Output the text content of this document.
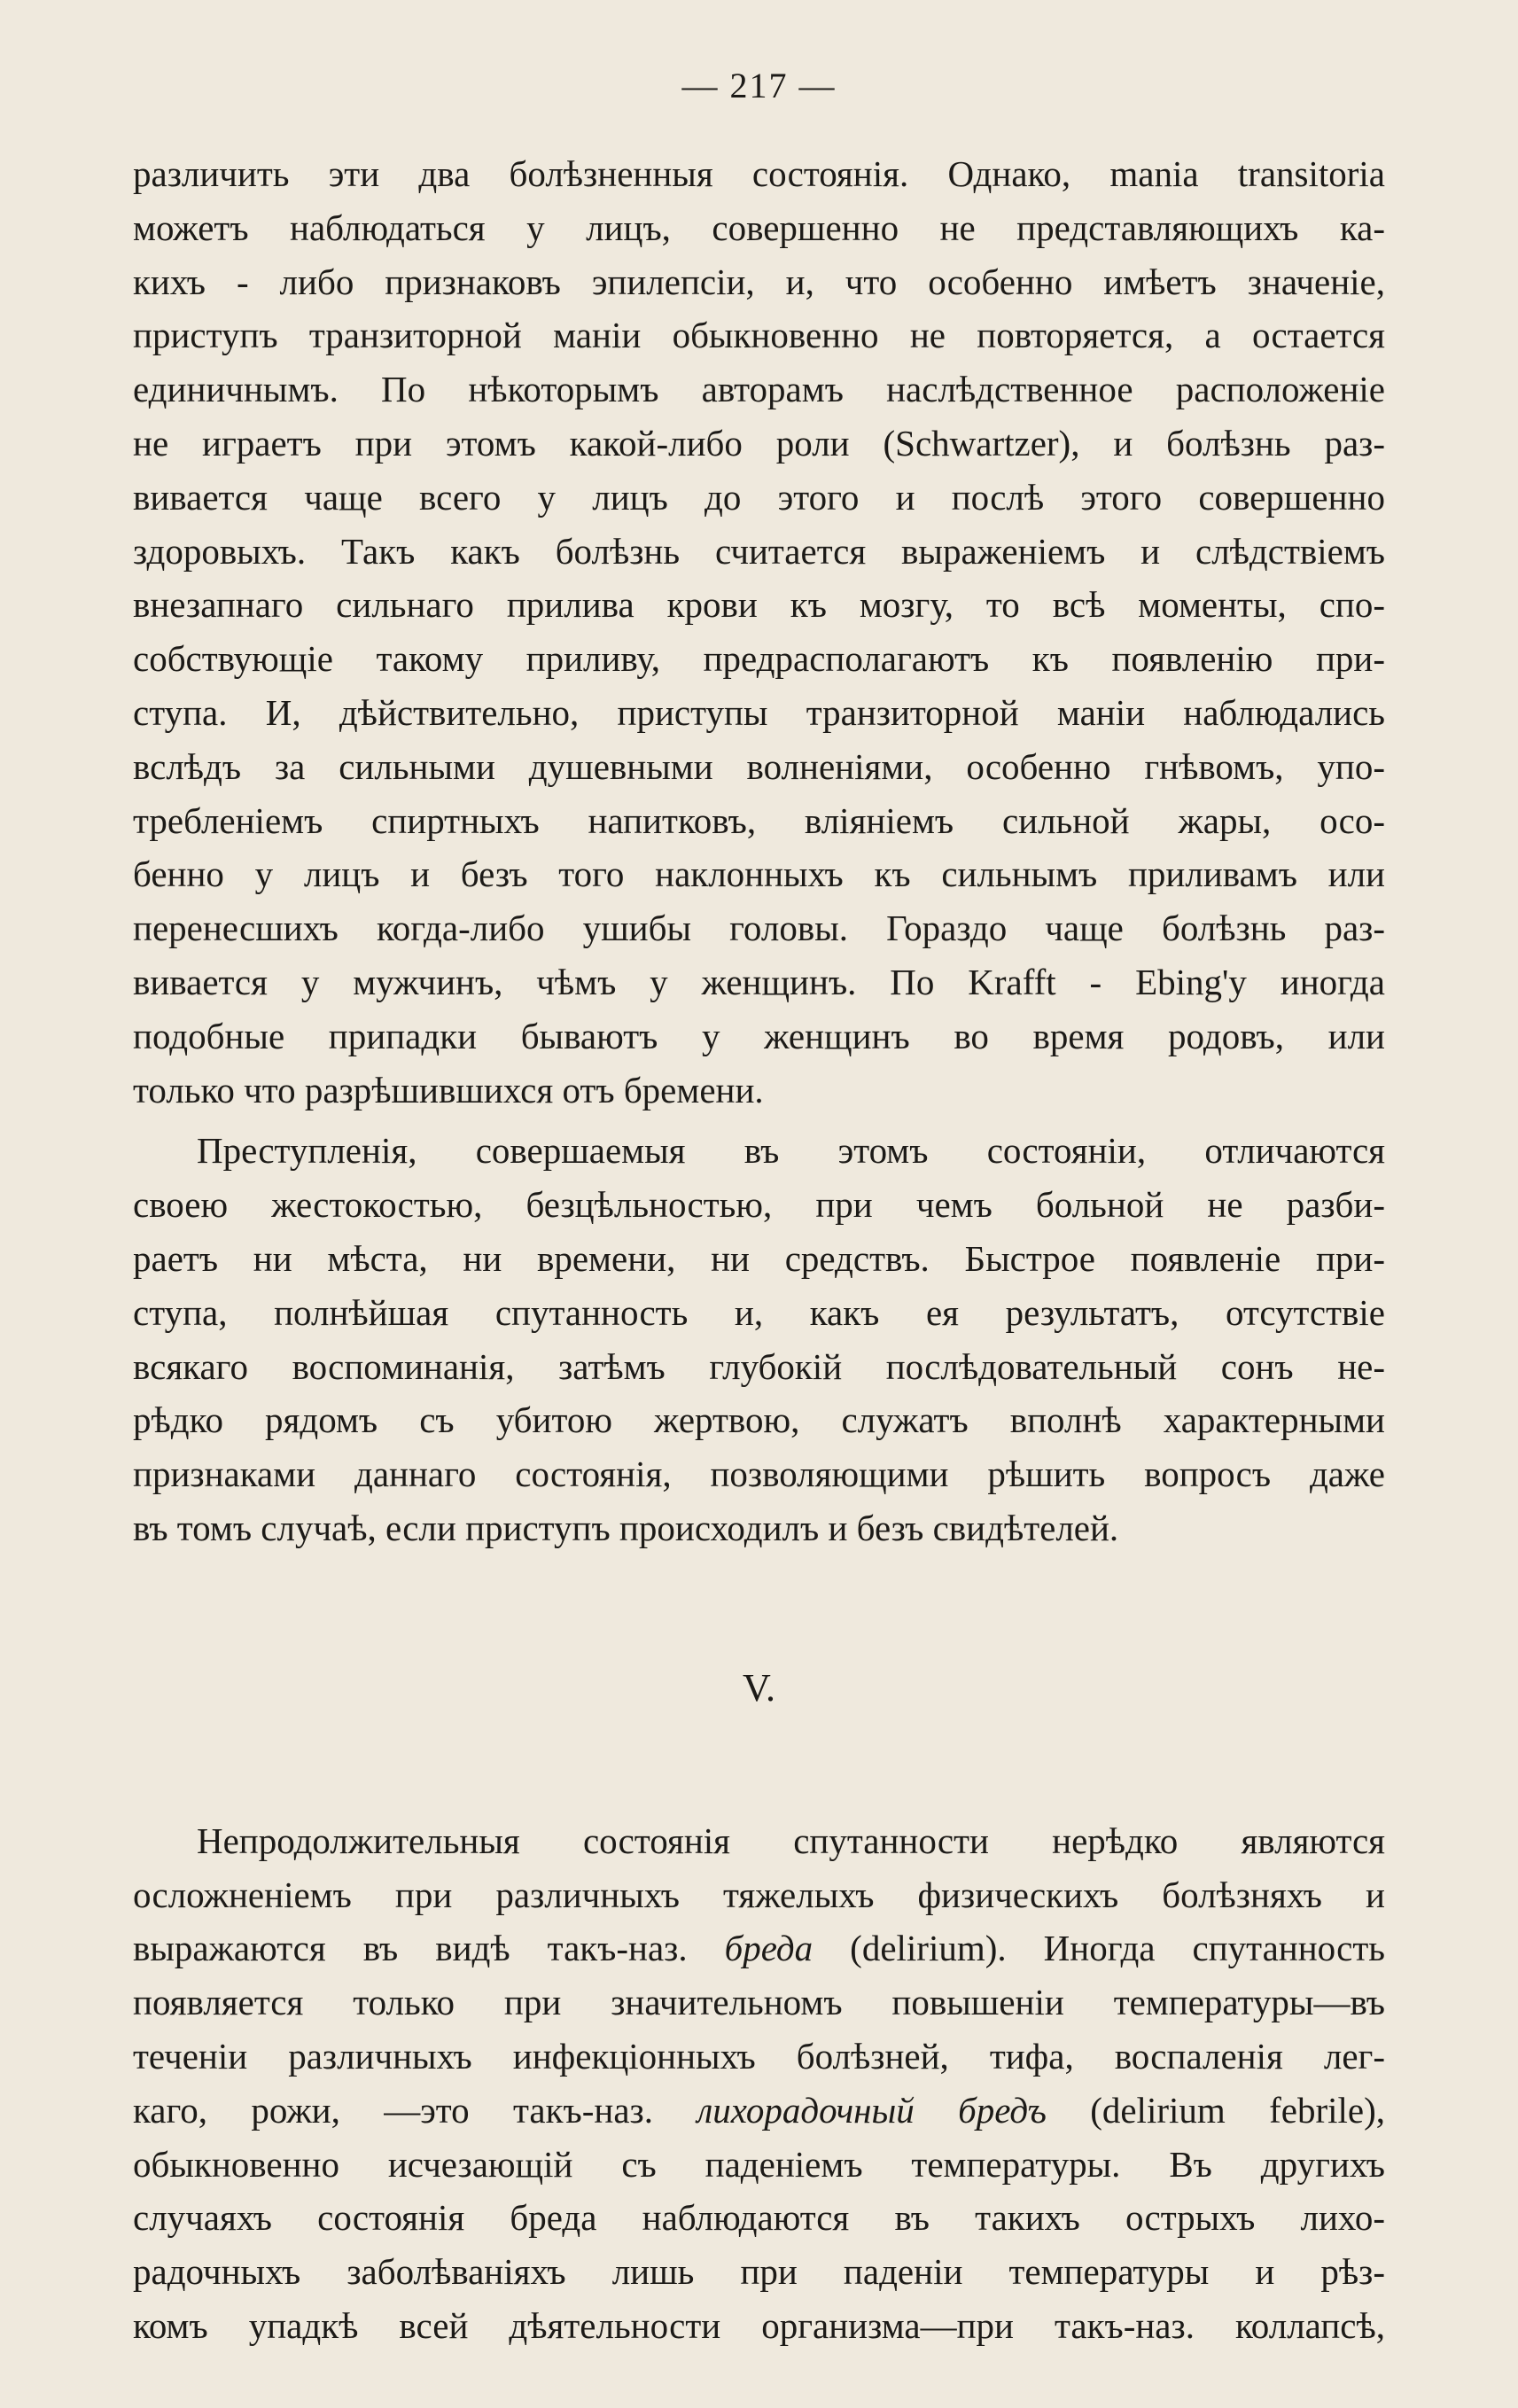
— 217 —

различить эти два болѣзненныя состоянія. Однако, mania transitoria
можетъ наблюдаться у лицъ, совершенно не представляющихъ ка-
кихъ - либо признаковъ эпилепсіи, и, что особенно имѣетъ значеніе,
приступъ транзиторной маніи обыкновенно не повторяется, а остается
единичнымъ. По нѣкоторымъ авторамъ наслѣдственное расположеніе
не играетъ при этомъ какой-либо роли (Schwartzer), и болѣзнь раз-
вивается чаще всего у лицъ до этого и послѣ этого совершенно
здоровыхъ. Такъ какъ болѣзнь считается выраженіемъ и слѣдствіемъ
внезапнаго сильнаго прилива крови къ мозгу, то всѣ моменты, спо-
собствующіе такому приливу, предрасполагаютъ къ появленію при-
ступа. И, дѣйствительно, приступы транзиторной маніи наблюдались
вслѣдъ за сильными душевными волненіями, особенно гнѣвомъ, упо-
требленіемъ спиртныхъ напитковъ, вліяніемъ сильной жары, осо-
бенно у лицъ и безъ того наклонныхъ къ сильнымъ приливамъ или
перенесшихъ когда-либо ушибы головы. Гораздо чаще болѣзнь раз-
вивается у мужчинъ, чѣмъ у женщинъ. По Krafft - Ebing'у иногда
подобные припадки бываютъ у женщинъ во время родовъ, или
только что разрѣшившихся отъ бремени.

Преступленія, совершаемыя въ этомъ состояніи, отличаются
своею жестокостью, безцѣльностью, при чемъ больной не разби-
раетъ ни мѣста, ни времени, ни средствъ. Быстрое появленіе при-
ступа, полнѣйшая спутанность и, какъ ея результатъ, отсутствіе
всякаго воспоминанія, затѣмъ глубокій послѣдовательный сонъ не-
рѣдко рядомъ съ убитою жертвою, служатъ вполнѣ характерными
признаками даннаго состоянія, позволяющими рѣшить вопросъ даже
въ томъ случаѣ, если приступъ происходилъ и безъ свидѣтелей.

V.

Непродолжительныя состоянія спутанности нерѣдко являются
осложненіемъ при различныхъ тяжелыхъ физическихъ болѣзняхъ и
выражаются въ видѣ такъ-наз. бреда (delirium). Иногда спутанность
появляется только при значительномъ повышеніи температуры—въ
теченіи различныхъ инфекціонныхъ болѣзней, тифа, воспаленія лег-
каго, рожи, —это такъ-наз. лихорадочный бредъ (delirium febrile),
обыкновенно исчезающій съ паденіемъ температуры. Въ другихъ
случаяхъ состоянія бреда наблюдаются въ такихъ острыхъ лихо-
радочныхъ заболѣваніяхъ лишь при паденіи температуры и рѣз-
комъ упадкѣ всей дѣятельности организма—при такъ-наз. коллапсѣ,
